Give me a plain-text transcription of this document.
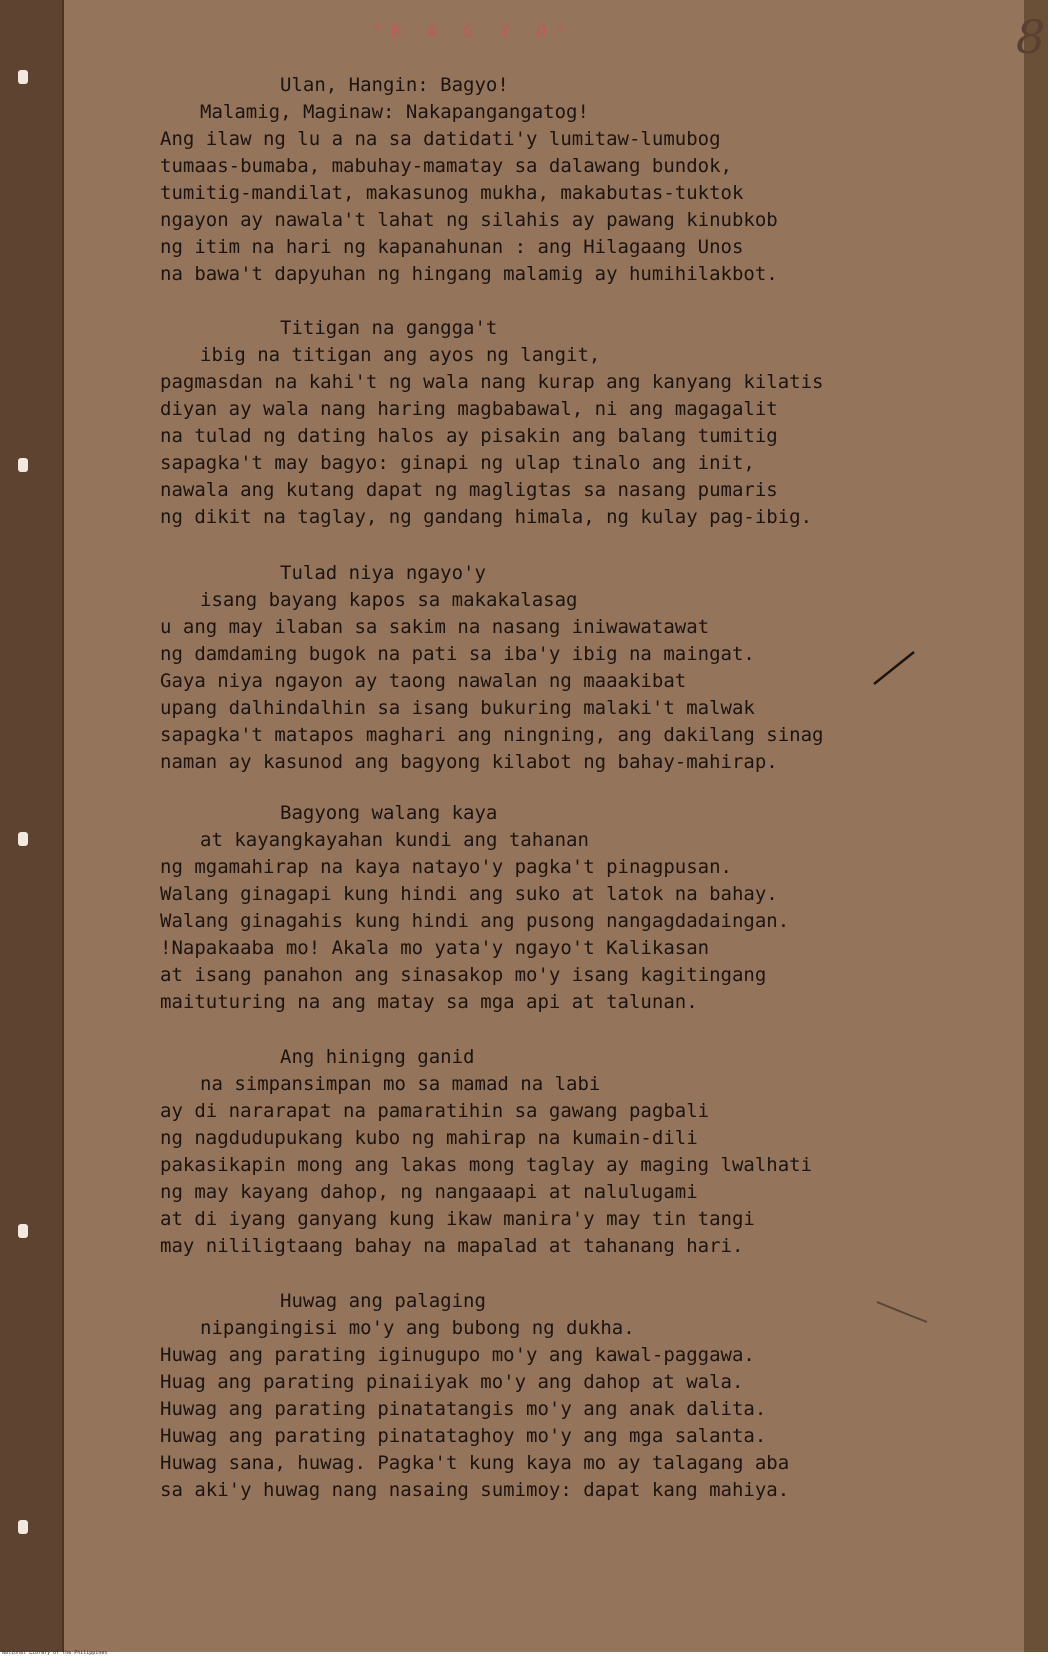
"B A G Y O"	8
Ulan, Hangin: Bagyo!
Malamig, Maginaw: Nakapangangatog!
Ang ilaw ng lu a na sa datidati'y lumitaw-lumubog
tumaas-bumaba, mabuhay-mamatay sa dalawang bundok,
tumitig-mandilat, makasunog mukha, makabutas-tuktok
ngayon ay nawala't lahat ng silahis ay pawang kinubkob
ng itim na hari ng kapanahunan : ang Hilagaang Unos
na bawa't dapyuhan ng hingang malamig ay humihilakbot.
Titigan na gangga't
ibig na titigan ang ayos ng langit,
pagmasdan na kahi't ng wala nang kurap ang kanyang kilatis
diyan ay wala nang haring magbabawal, ni ang magagalit
na tulad ng dating halos ay pisakin ang balang tumitig
sapagka't may bagyo: ginapi ng ulap tinalo ang init,
nawala ang kutang dapat ng magligtas sa nasang pumaris
ng dikit na taglay, ng gandang himala, ng kulay pag-ibig.
Tulad niya ngayo'y
isang bayang kapos sa makakalasag
u ang may ilaban sa sakim na nasang iniwawatawat
ng damdaming bugok na pati sa iba'y ibig na maingat.
Gaya niya ngayon ay taong nawalan ng maaakibat
upang dalhindalhin sa isang bukuring malaki't malwak
sapagka't matapos maghari ang ningning, ang dakilang sinag
naman ay kasunod ang bagyong kilabot ng bahay-mahirap.
Bagyong walang kaya
at kayangkayahan kundi ang tahanan
ng mgamahirap na kaya natayo'y pagka't pinagpusan.
Walang ginagapi kung hindi ang suko at latok na bahay.
Walang ginagahis kung hindi ang pusong nangagdadaingan.
!Napakaaba mo! Akala mo yata'y ngayo't Kalikasan
at isang panahon ang sinasakop mo'y isang kagitingang
maituturing na ang matay sa mga api at talunan.
Ang hinigng ganid
na simpansimpan mo sa mamad na labi
ay di nararapat na pamaratihin sa gawang pagbali
ng nagdudupukang kubo ng mahirap na kumain-dili
pakasikapin mong ang lakas mong taglay ay maging lwalhati
ng may kayang dahop, ng nangaaapi at nalulugami
at di iyang ganyang kung ikaw manira'y may tin tangi
may nililigtaang bahay na mapalad at tahanang hari.
Huwag ang palaging
nipangingisi mo'y ang bubong ng dukha.
Huwag ang parating iginugupo mo'y ang kawal-paggawa.
Huag ang parating pinaiiyak mo'y ang dahop at wala.
Huwag ang parating pinatatangis mo'y ang anak dalita.
Huwag ang parating pinatataghoy mo'y ang mga salanta.
Huwag sana, huwag. Pagka't kung kaya mo ay talagang aba
sa aki'y huwag nang nasaing sumimoy: dapat kang mahiya.
National Library of the Philippines
